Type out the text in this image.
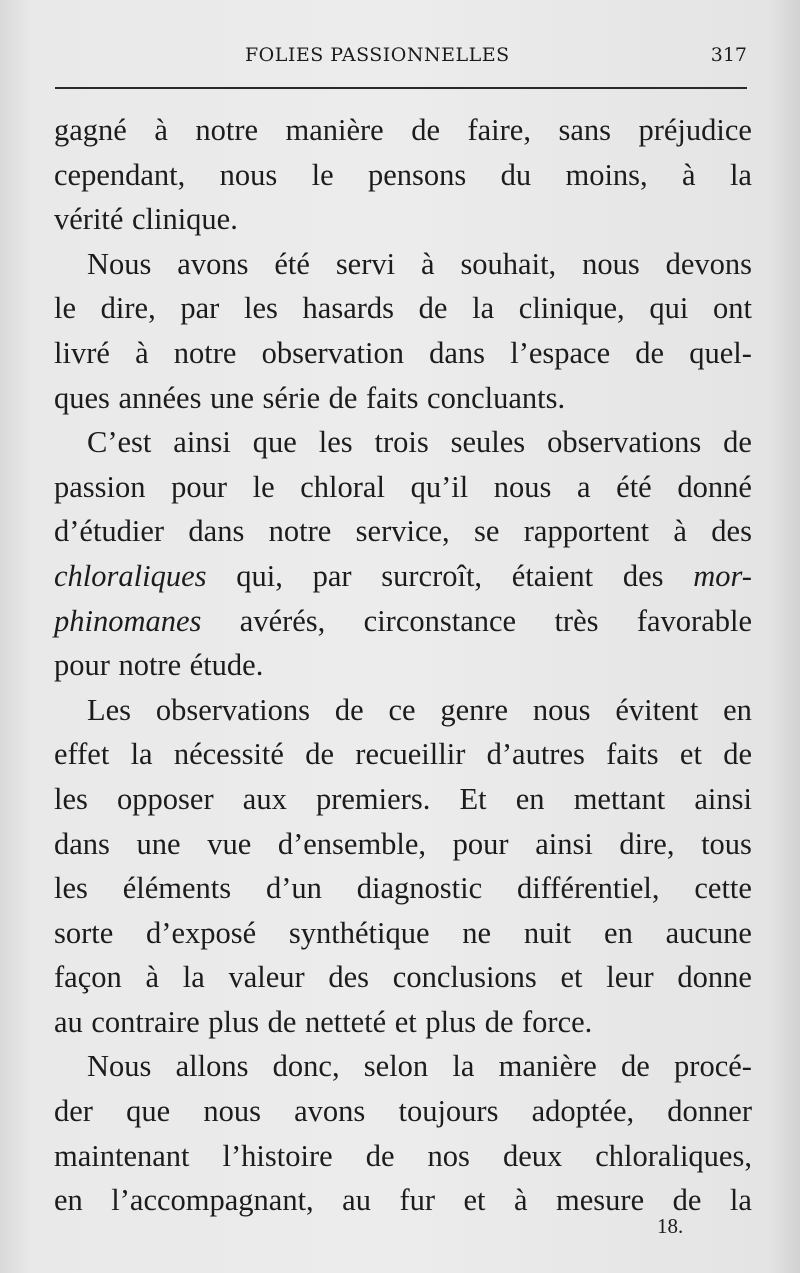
FOLIES PASSIONNELLES	317
gagné à notre manière de faire, sans préjudice
cependant, nous le pensons du moins, à la
vérité clinique.
Nous avons été servi à souhait, nous devons
le dire, par les hasards de la clinique, qui ont
livré à notre observation dans l’espace de quel-
ques années une série de faits concluants.
C’est ainsi que les trois seules observations de
passion pour le chloral qu’il nous a été donné
d’étudier dans notre service, se rapportent à des
chloraliques qui, par surcroît, étaient des mor-
phinomanes avérés, circonstance très favorable
pour notre étude.
Les observations de ce genre nous évitent en
effet la nécessité de recueillir d’autres faits et de
les opposer aux premiers. Et en mettant ainsi
dans une vue d’ensemble, pour ainsi dire, tous
les éléments d’un diagnostic différentiel, cette
sorte d’exposé synthétique ne nuit en aucune
façon à la valeur des conclusions et leur donne
au contraire plus de netteté et plus de force.
Nous allons donc, selon la manière de procé-
der que nous avons toujours adoptée, donner
maintenant l’histoire de nos deux chloraliques,
en l’accompagnant, au fur et à mesure de la
18.
